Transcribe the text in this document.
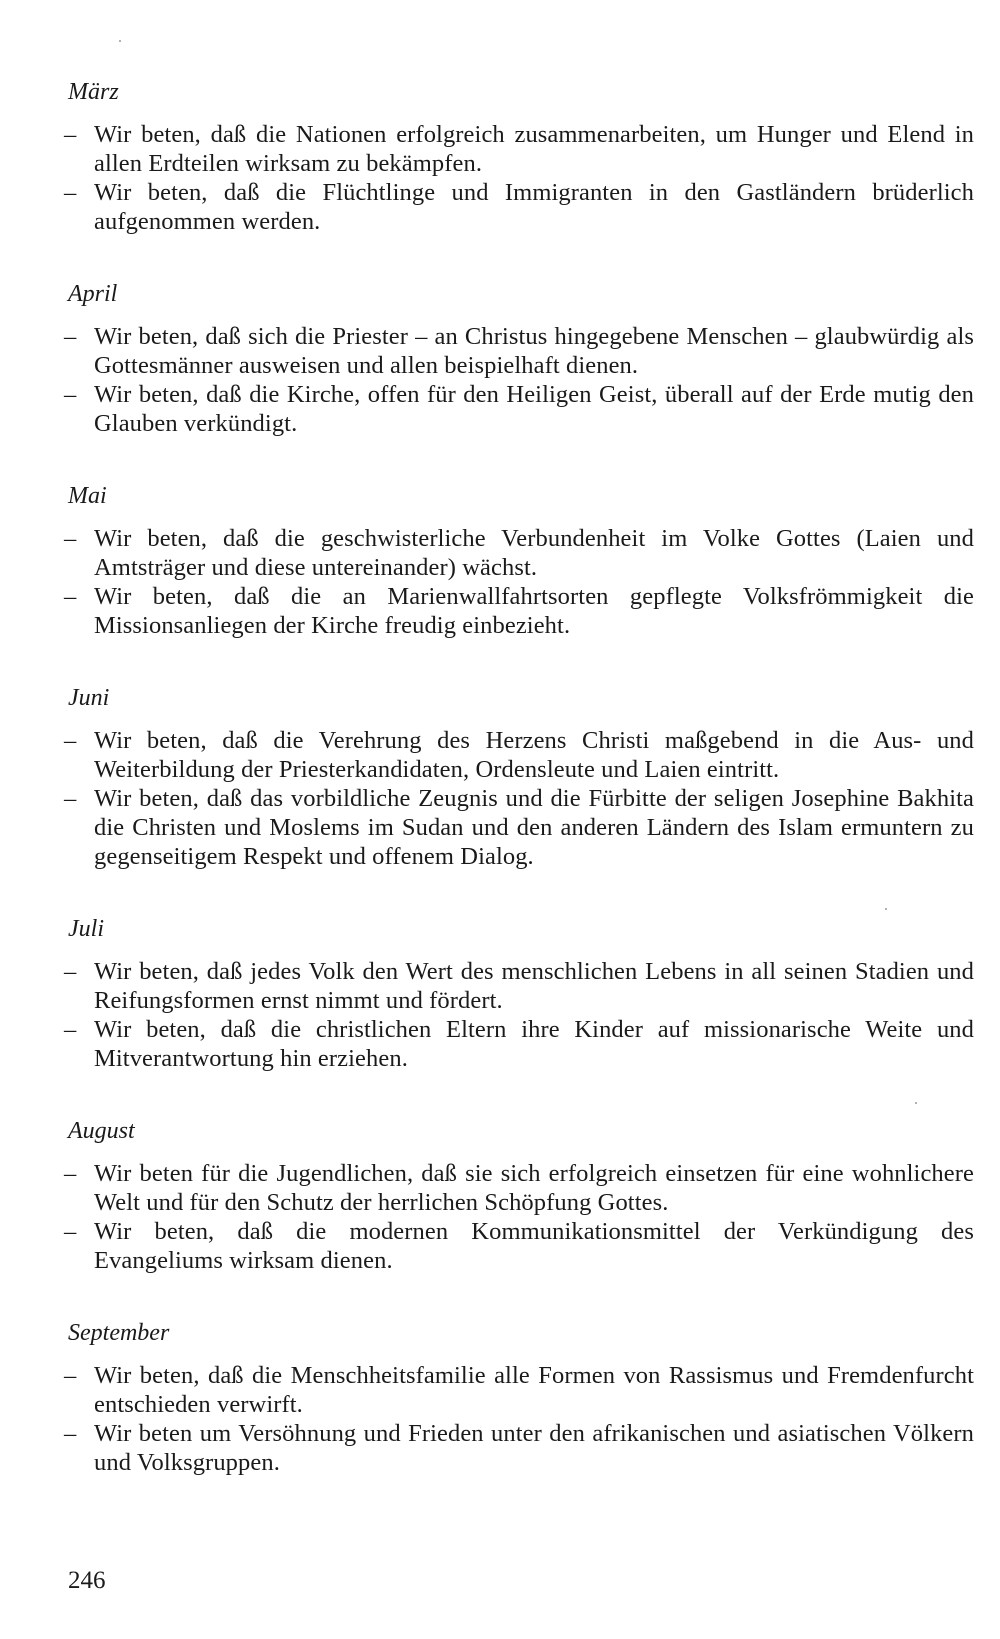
März
– Wir beten, daß die Nationen erfolgreich zusammenarbeiten, um Hunger und Elend in allen Erdteilen wirksam zu bekämpfen.
– Wir beten, daß die Flüchtlinge und Immigranten in den Gastländern brüderlich aufgenommen werden.
April
– Wir beten, daß sich die Priester – an Christus hingegebene Menschen – glaubwürdig als Gottesmänner ausweisen und allen beispielhaft dienen.
– Wir beten, daß die Kirche, offen für den Heiligen Geist, überall auf der Erde mutig den Glauben verkündigt.
Mai
– Wir beten, daß die geschwisterliche Verbundenheit im Volke Gottes (Laien und Amtsträger und diese untereinander) wächst.
– Wir beten, daß die an Marienwallfahrtsorten gepflegte Volksfrömmigkeit die Missionsanliegen der Kirche freudig einbezieht.
Juni
– Wir beten, daß die Verehrung des Herzens Christi maßgebend in die Aus- und Weiterbildung der Priesterkandidaten, Ordensleute und Laien eintritt.
– Wir beten, daß das vorbildliche Zeugnis und die Fürbitte der seligen Josephine Bakhita die Christen und Moslems im Sudan und den anderen Ländern des Islam ermuntern zu gegenseitigem Respekt und offenem Dialog.
Juli
– Wir beten, daß jedes Volk den Wert des menschlichen Lebens in all seinen Stadien und Reifungsformen ernst nimmt und fördert.
– Wir beten, daß die christlichen Eltern ihre Kinder auf missionarische Weite und Mitverantwortung hin erziehen.
August
– Wir beten für die Jugendlichen, daß sie sich erfolgreich einsetzen für eine wohnlichere Welt und für den Schutz der herrlichen Schöpfung Gottes.
– Wir beten, daß die modernen Kommunikationsmittel der Verkündigung des Evangeliums wirksam dienen.
September
– Wir beten, daß die Menschheitsfamilie alle Formen von Rassismus und Fremdenfurcht entschieden verwirft.
– Wir beten um Versöhnung und Frieden unter den afrikanischen und asiatischen Völkern und Volksgruppen.
246
